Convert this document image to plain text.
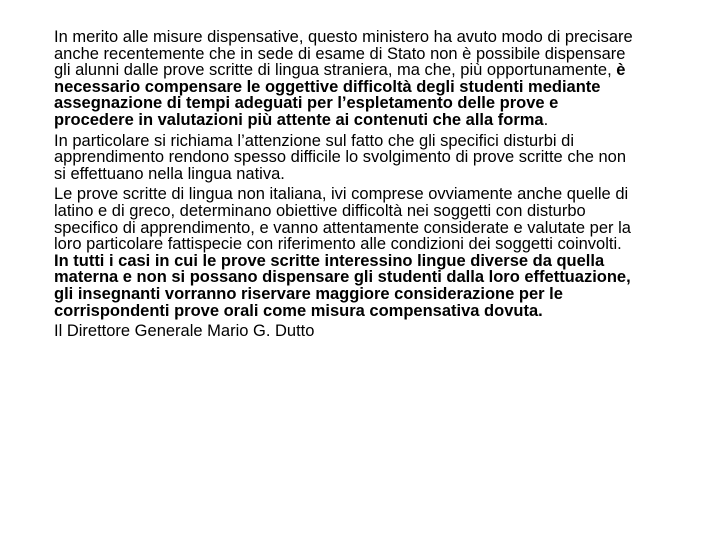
In merito alle misure dispensative, questo ministero ha avuto modo di precisare anche recentemente che in sede di esame di Stato non è possibile dispensare gli alunni dalle prove scritte di lingua straniera, ma che, più opportunamente, è necessario compensare le oggettive difficoltà degli studenti mediante assegnazione di tempi adeguati per l’espletamento delle prove e procedere in valutazioni più attente ai contenuti che alla forma.

In particolare si richiama l’attenzione sul fatto che gli specifici disturbi di apprendimento rendono spesso difficile lo svolgimento di prove scritte che non si effettuano nella lingua nativa.

Le prove scritte di lingua non italiana, ivi comprese ovviamente anche quelle di latino e di greco, determinano obiettive difficoltà nei soggetti con disturbo specifico di apprendimento, e vanno attentamente considerate e valutate per la loro particolare fattispecie con riferimento alle condizioni dei soggetti coinvolti. In tutti i casi in cui le prove scritte interessino lingue diverse da quella materna e non si possano dispensare gli studenti dalla loro effettuazione, gli insegnanti vorranno riservare maggiore considerazione per le corrispondenti prove orali come misura compensativa dovuta.

Il Direttore Generale Mario G. Dutto
